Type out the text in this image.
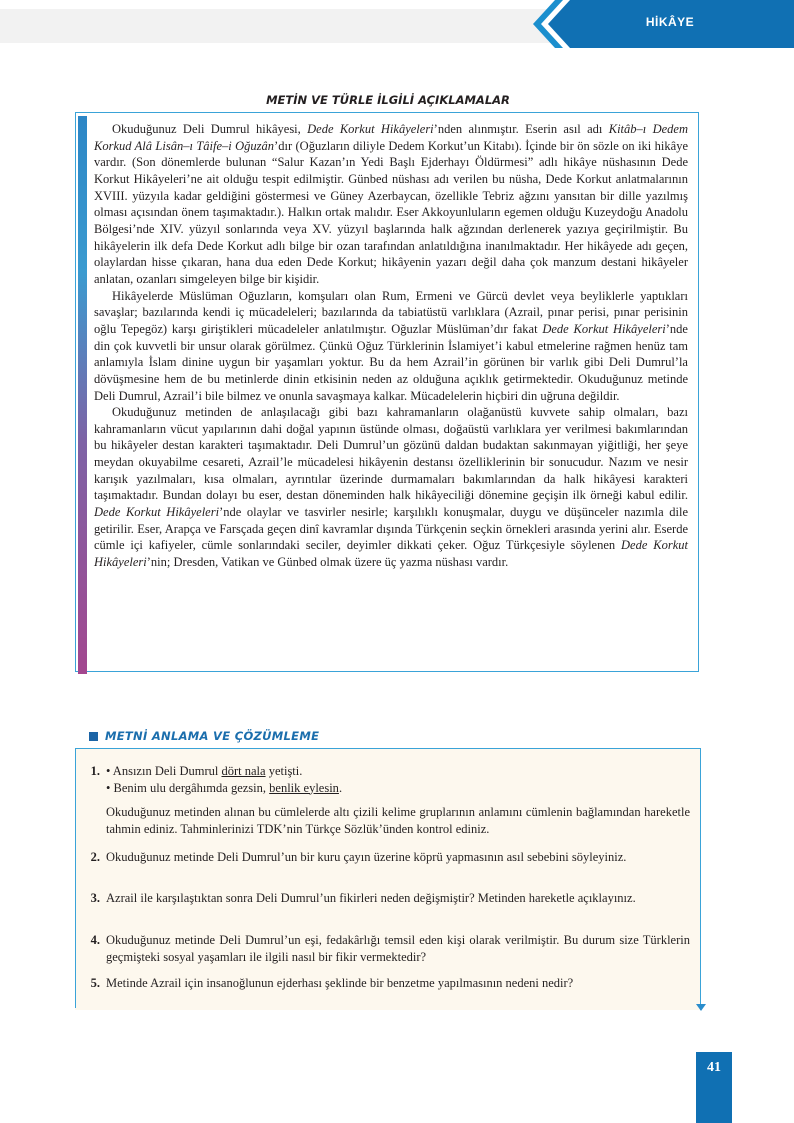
HİKÂYE
METİN VE TÜRLE İLGİLİ AÇIKLAMALAR

Okuduğunuz Deli Dumrul hikâyesi, Dede Korkut Hikâyeleri’nden alınmıştır. Eserin asıl adı Kitâb–ı Dedem Korkud Alâ Lisân–ı Tâife–i Oğuzân’dır (Oğuzların diliyle Dedem Korkut’un Kitabı). İçinde bir ön sözle on iki hikâye vardır. (Son dönemlerde bulunan “Salur Kazan’ın Yedi Başlı Ejderhayı Öldürmesi” adlı hikâye nüshasının Dede Korkut Hikâyeleri’ne ait olduğu tespit edilmiştir. Günbed nüshası adı verilen bu nüsha, Dede Korkut anlatmalarının XVIII. yüzyıla kadar geldiğini göstermesi ve Güney Azerbaycan, özellikle Tebriz ağzını yansıtan bir dille yazılmış olması açısından önem taşımaktadır.). Halkın ortak malıdır. Eser Akkoyunluların egemen olduğu Kuzeydoğu Anadolu Bölgesi’nde XIV. yüzyıl sonlarında veya XV. yüzyıl başlarında halk ağzından derlenerek yazıya geçirilmiştir. Bu hikâyelerin ilk defa Dede Korkut adlı bilge bir ozan tarafından anlatıldığına inanılmaktadır. Her hikâyede adı geçen, olaylardan hisse çıkaran, hana dua eden Dede Korkut; hikâyenin yazarı değil daha çok manzum destani hikâyeler anlatan, ozanları simgeleyen bilge bir kişidir.

Hikâyelerde Müslüman Oğuzların, komşuları olan Rum, Ermeni ve Gürcü devlet veya beyliklerle yaptıkları savaşlar; bazılarında kendi iç mücadeleleri; bazılarında da tabiatüstü varlıklara (Azrail, pınar perisi, pınar perisinin oğlu Tepegöz) karşı giriştikleri mücadeleler anlatılmıştır. Oğuzlar Müslüman’dır fakat Dede Korkut Hikâyeleri’nde din çok kuvvetli bir unsur olarak görülmez. Çünkü Oğuz Türklerinin İslamiyet’i kabul etmelerine rağmen henüz tam anlamıyla İslam dinine uygun bir yaşamları yoktur. Bu da hem Azrail’in görünen bir varlık gibi Deli Dumrul’la dövüşmesine hem de bu metinlerde dinin etkisinin neden az olduğuna açıklık getirmektedir. Okuduğunuz metinde Deli Dumrul, Azrail’i bile bilmez ve onunla savaşmaya kalkar. Mücadelelerin hiçbiri din uğruna değildir.

Okuduğunuz metinden de anlaşılacağı gibi bazı kahramanların olağanüstü kuvvete sahip olmaları, bazı kahramanların vücut yapılarının dahi doğal yapının üstünde olması, doğaüstü varlıklara yer verilmesi bakımlarından bu hikâyeler destan karakteri taşımaktadır. Deli Dumrul’un gözünü daldan budaktan sakınmayan yiğitliği, her şeye meydan okuyabilme cesareti, Azrail’le mücadelesi hikâyenin destansı özelliklerinin bir sonucudur. Nazım ve nesir karışık yazılmaları, kısa olmaları, ayrıntılar üzerinde durmamaları bakımlarından da halk hikâyesi karakteri taşımaktadır. Bundan dolayı bu eser, destan döneminden halk hikâyeciliği dönemine geçişin ilk örneği kabul edilir. Dede Korkut Hikâyeleri’nde olaylar ve tasvirler nesirle; karşılıklı konuşmalar, duygu ve düşünceler nazımla dile getirilir. Eser, Arapça ve Farsçada geçen dinî kavramlar dışında Türkçenin seçkin örnekleri arasında yerini alır. Eserde cümle içi kafiyeler, cümle sonlarındaki seciler, deyimler dikkati çeker. Oğuz Türkçesiyle söylenen Dede Korkut Hikâyeleri’nin; Dresden, Vatikan ve Günbed olmak üzere üç yazma nüshası vardır.

METNİ ANLAMA VE ÇÖZÜMLEME
1. • Ansızın Deli Dumrul dört nala yetişti.
• Benim ulu dergâhımda gezsin, benlik eylesin.
Okuduğunuz metinden alınan bu cümlelerde altı çizili kelime gruplarının anlamını cümlenin bağlamından hareketle tahmin ediniz. Tahminlerinizi TDK’nin Türkçe Sözlük’ünden kontrol ediniz.
2. Okuduğunuz metinde Deli Dumrul’un bir kuru çayın üzerine köprü yapmasının asıl sebebini söyleyiniz.
3. Azrail ile karşılaştıktan sonra Deli Dumrul’un fikirleri neden değişmiştir? Metinden hareketle açıklayınız.
4. Okuduğunuz metinde Deli Dumrul’un eşi, fedakârlığı temsil eden kişi olarak verilmiştir. Bu durum size Türklerin geçmişteki sosyal yaşamları ile ilgili nasıl bir fikir vermektedir?
5. Metinde Azrail için insanoğlunun ejderhası şeklinde bir benzetme yapılmasının nedeni nedir?
41
